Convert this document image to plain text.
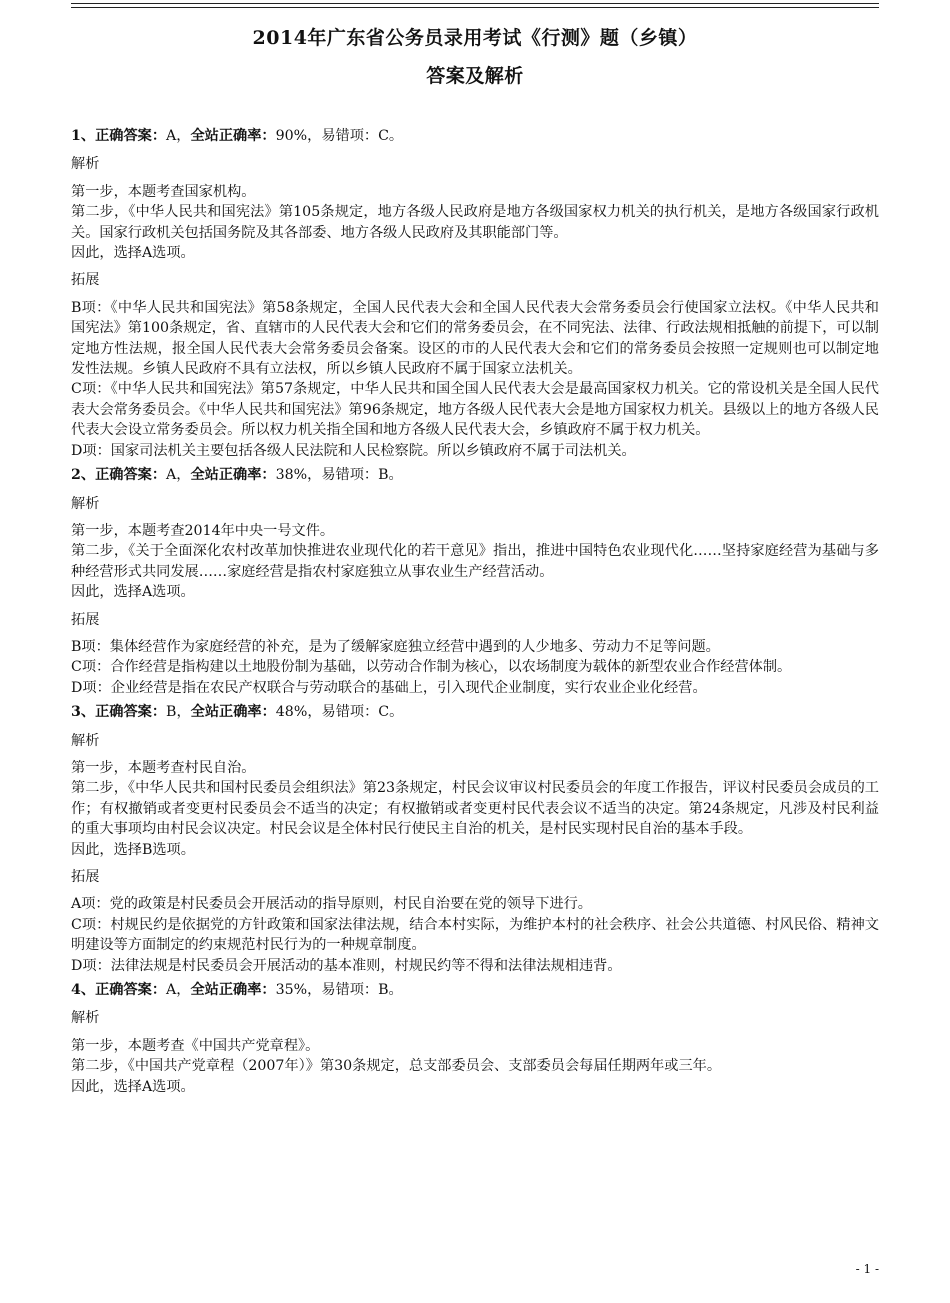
2014年广东省公务员录用考试《行测》题（乡镇）
答案及解析
1、正确答案：A，全站正确率：90%，易错项：C。
解析
第一步，本题考查国家机构。
第二步，《中华人民共和国宪法》第105条规定，地方各级人民政府是地方各级国家权力机关的执行机关，是地方各级国家行政机关。国家行政机关包括国务院及其各部委、地方各级人民政府及其职能部门等。
因此，选择A选项。
拓展
B项：《中华人民共和国宪法》第58条规定，全国人民代表大会和全国人民代表大会常务委员会行使国家立法权。《中华人民共和国宪法》第100条规定，省、直辖市的人民代表大会和它们的常务委员会，在不同宪法、法律、行政法规相抵触的前提下，可以制定地方性法规，报全国人民代表大会常务委员会备案。设区的市的人民代表大会和它们的常务委员会按照一定规则也可以制定地发性法规。乡镇人民政府不具有立法权，所以乡镇人民政府不属于国家立法机关。
C项：《中华人民共和国宪法》第57条规定，中华人民共和国全国人民代表大会是最高国家权力机关。它的常设机关是全国人民代表大会常务委员会。《中华人民共和国宪法》第96条规定，地方各级人民代表大会是地方国家权力机关。县级以上的地方各级人民代表大会设立常务委员会。所以权力机关指全国和地方各级人民代表大会，乡镇政府不属于权力机关。
D项：国家司法机关主要包括各级人民法院和人民检察院。所以乡镇政府不属于司法机关。
2、正确答案：A，全站正确率：38%，易错项：B。
解析
第一步，本题考查2014年中央一号文件。
第二步，《关于全面深化农村改革加快推进农业现代化的若干意见》指出，推进中国特色农业现代化……坚持家庭经营为基础与多种经营形式共同发展……家庭经营是指农村家庭独立从事农业生产经营活动。
因此，选择A选项。
拓展
B项：集体经营作为家庭经营的补充，是为了缓解家庭独立经营中遇到的人少地多、劳动力不足等问题。
C项：合作经营是指构建以土地股份制为基础，以劳动合作制为核心，以农场制度为载体的新型农业合作经营体制。
D项：企业经营是指在农民产权联合与劳动联合的基础上，引入现代企业制度，实行农业企业化经营。
3、正确答案：B，全站正确率：48%，易错项：C。
解析
第一步，本题考查村民自治。
第二步，《中华人民共和国村民委员会组织法》第23条规定，村民会议审议村民委员会的年度工作报告，评议村民委员会成员的工作；有权撤销或者变更村民委员会不适当的决定；有权撤销或者变更村民代表会议不适当的决定。第24条规定，凡涉及村民利益的重大事项均由村民会议决定。村民会议是全体村民行使民主自治的机关，是村民实现村民自治的基本手段。
因此，选择B选项。
拓展
A项：党的政策是村民委员会开展活动的指导原则，村民自治要在党的领导下进行。
C项：村规民约是依据党的方针政策和国家法律法规，结合本村实际，为维护本村的社会秩序、社会公共道德、村风民俗、精神文明建设等方面制定的约束规范村民行为的一种规章制度。
D项：法律法规是村民委员会开展活动的基本准则，村规民约等不得和法律法规相违背。
4、正确答案：A，全站正确率：35%，易错项：B。
解析
第一步，本题考查《中国共产党章程》。
第二步，《中国共产党章程（2007年）》第30条规定，总支部委员会、支部委员会每届任期两年或三年。
因此，选择A选项。
- 1 -
